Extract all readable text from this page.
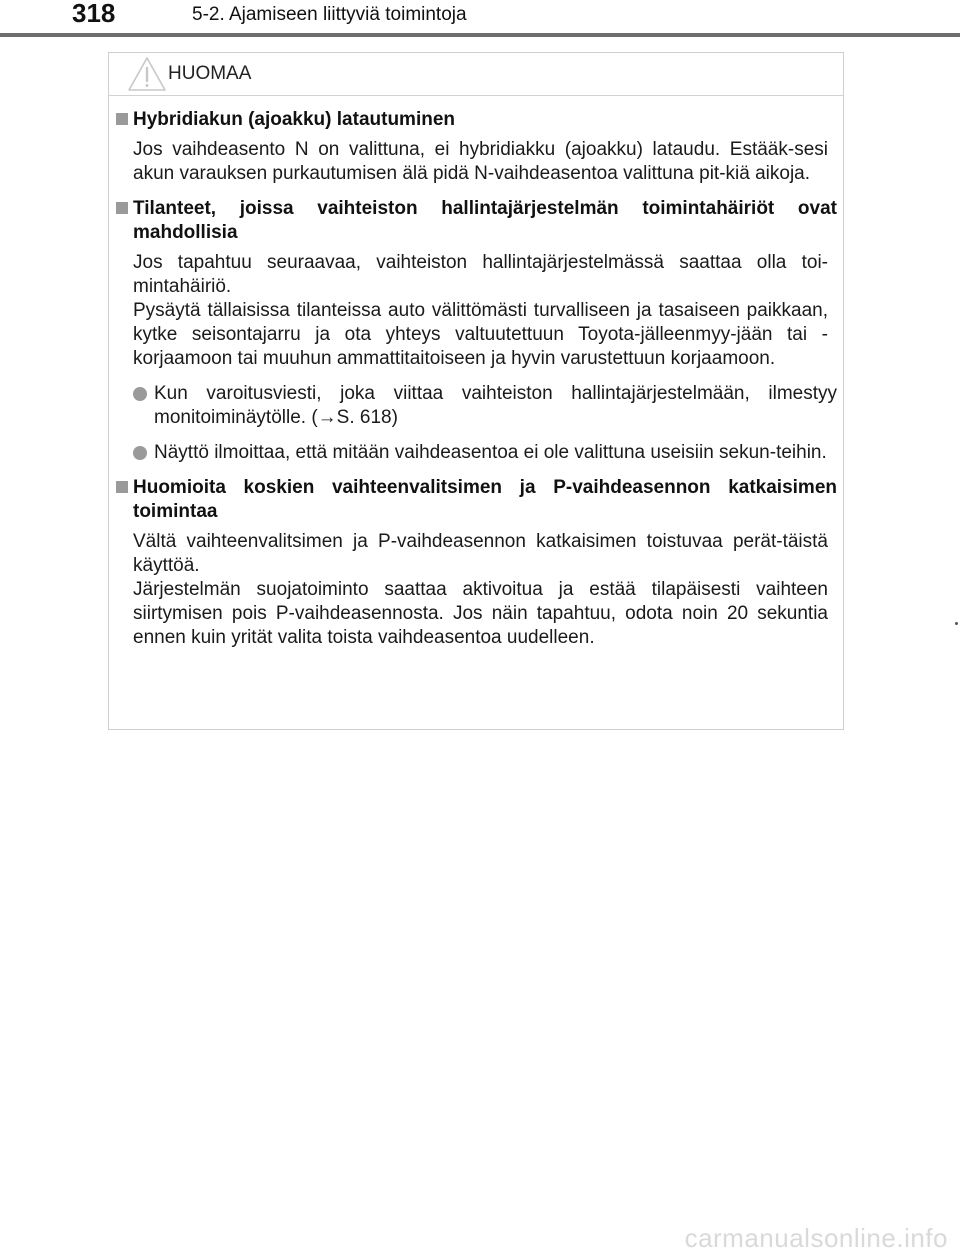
318	5-2. Ajamiseen liittyviä toimintoja
HUOMAA
Hybridiakun (ajoakku) latautuminen
Jos vaihdeasento N on valittuna, ei hybridiakku (ajoakku) lataudu. Estääk-sesi akun varauksen purkautumisen älä pidä N-vaihdeasentoa valittuna pit-kiä aikoja.
Tilanteet, joissa vaihteiston hallintajärjestelmän toimintahäiriöt ovat mahdollisia
Jos tapahtuu seuraavaa, vaihteiston hallintajärjestelmässä saattaa olla toi-mintahäiriö.
Pysäytä tällaisissa tilanteissa auto välittömästi turvalliseen ja tasaiseen paikkaan, kytke seisontajarru ja ota yhteys valtuutettuun Toyota-jälleenmyy-jään tai -korjaamoon tai muuhun ammattitaitoiseen ja hyvin varustettuun korjaamoon.
Kun varoitusviesti, joka viittaa vaihteiston hallintajärjestelmään, ilmestyy monitoiminäytölle. (→S. 618)
Näyttö ilmoittaa, että mitään vaihdeasentoa ei ole valittuna useisiin sekun-teihin.
Huomioita koskien vaihteenvalitsimen ja P-vaihdeasennon katkaisimen toimintaa
Vältä vaihteenvalitsimen ja P-vaihdeasennon katkaisimen toistuvaa perät-täistä käyttöä.
Järjestelmän suojatoiminto saattaa aktivoitua ja estää tilapäisesti vaihteen siirtymisen pois P-vaihdeasennosta. Jos näin tapahtuu, odota noin 20 sekuntia ennen kuin yrität valita toista vaihdeasentoa uudelleen.
carmanualsonline.info
